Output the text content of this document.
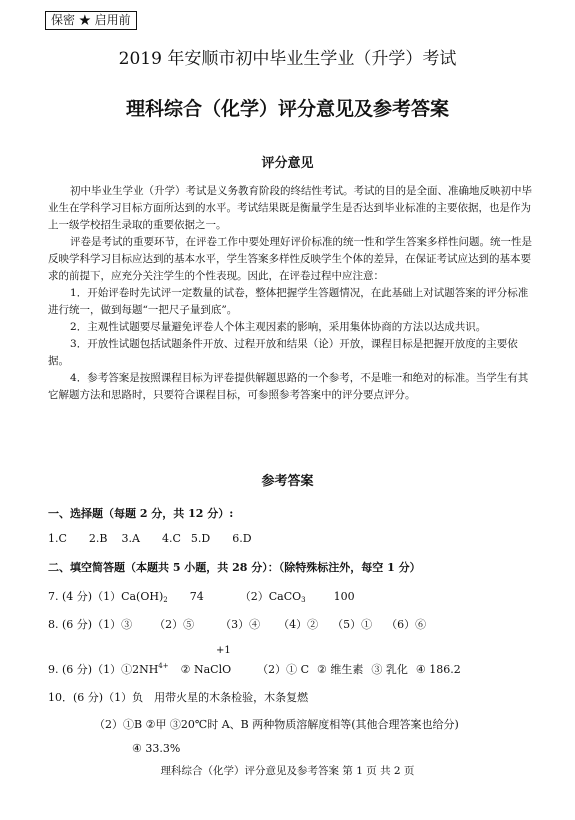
保密 ★ 启用前
2019 年安顺市初中毕业生学业（升学）考试
理科综合（化学）评分意见及参考答案
评分意见

初中毕业生学业（升学）考试是义务教育阶段的终结性考试。考试的目的是全面、准确地反映初中毕业生在学科学习目标方面所达到的水平。考试结果既是衡量学生是否达到毕业标准的主要依据，也是作为上一级学校招生录取的重要依据之一。

评卷是考试的重要环节，在评卷工作中要处理好评价标准的统一性和学生答案多样性问题。统一性是反映学科学习目标应达到的基本水平，学生答案多样性反映学生个体的差异，在保证考试应达到的基本要求的前提下，应充分关注学生的个性表现。因此，在评卷过程中应注意：

1．开始评卷时先试评一定数量的试卷，整体把握学生答题情况，在此基础上对试题答案的评分标准进行统一，做到每题“一把尺子量到底”。

2．主观性试题要尽量避免评卷人个体主观因素的影响，采用集体协商的方法以达成共识。

3．开放性试题包括试题条件开放、过程开放和结果（论）开放，课程目标是把握开放度的主要依据。

4．参考答案是按照课程目标为评卷提供解题思路的一个参考，不是唯一和绝对的标准。当学生有其它解题方法和思路时，只要符合课程目标，可参照参考答案中的评分要点评分。

参考答案
一、选择题（每题 2 分，共 12 分）:
1.C 2.B 3.A 4.C 5.D 6.D
二、填空简答题（本题共 5 小题，共 28 分）：（除特殊标注外，每空 1 分）
7. (4 分)$(1)Ca(OH)_2$ 74	（2）CaCO$_3$	100
8. (6 分)（1）③ （2）⑤ （3）④ （4）② （5）① （6）⑥
+1
9. (6 分)$(1)①2NH^{4+}$ ② NaClO （2）① C ② 维生素 ③ 乳化 ④ 186.2
10．(6 分)（1）负　用带火星的木条检验，木条复燃
（2）①B ②甲 ③20℃时 A、B 两种物质溶解度相等(其他合理答案也给分)
④ 33.3%
理科综合（化学）评分意见及参考答案 第 1 页 共 2 页
